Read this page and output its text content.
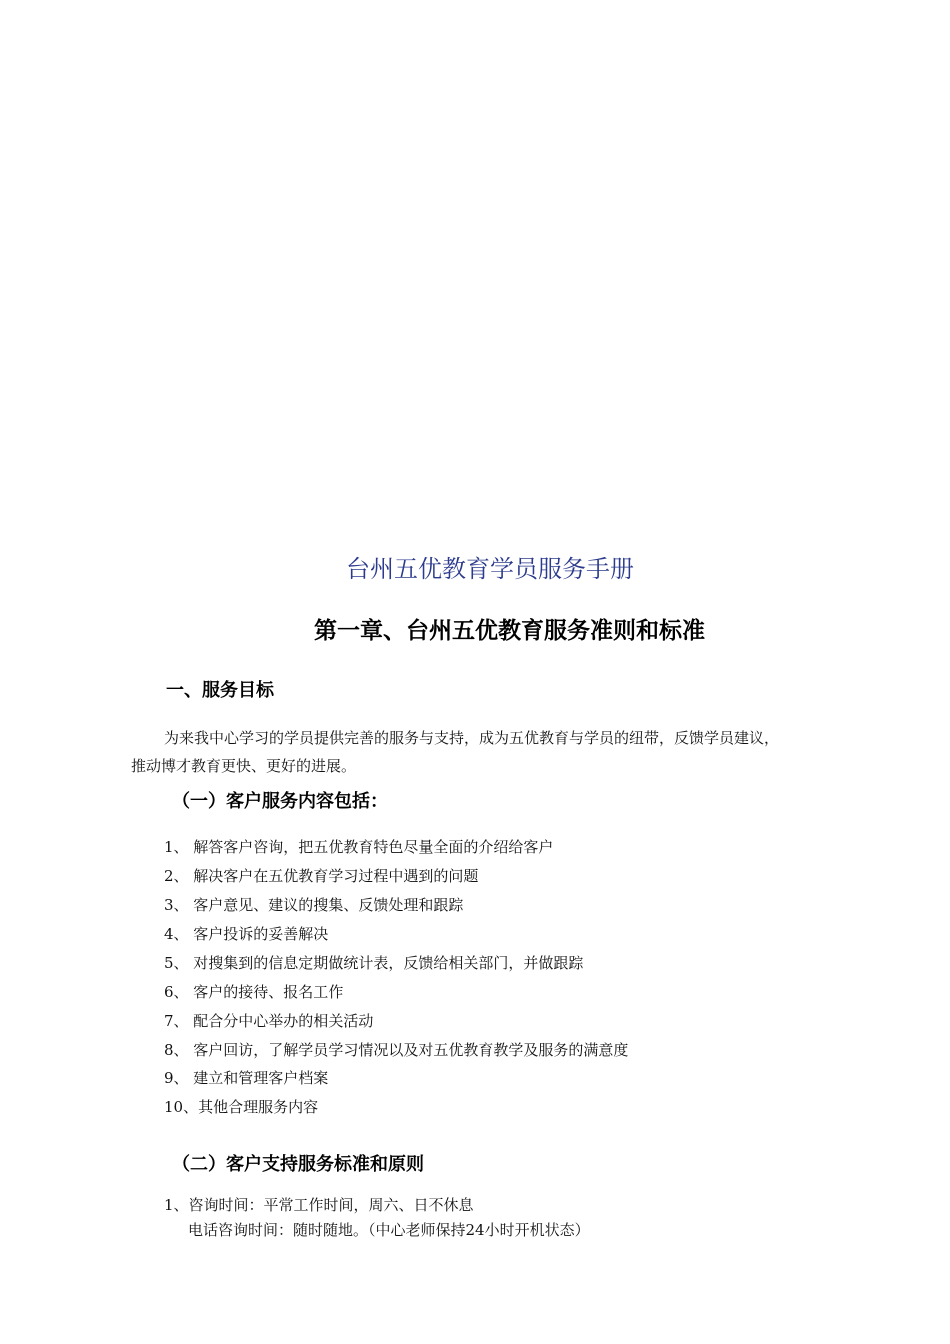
台州五优教育学员服务手册
第一章、台州五优教育服务准则和标准
一、服务目标
为来我中心学习的学员提供完善的服务与支持，成为五优教育与学员的纽带，反馈学员建议，
推动博才教育更快、更好的进展。
（一）客户服务内容包括：
1、 解答客户咨询，把五优教育特色尽量全面的介绍给客户
2、 解决客户在五优教育学习过程中遇到的问题
3、 客户意见、建议的搜集、反馈处理和跟踪
4、 客户投诉的妥善解决
5、 对搜集到的信息定期做统计表，反馈给相关部门，并做跟踪
6、 客户的接待、报名工作
7、 配合分中心举办的相关活动
8、 客户回访，了解学员学习情况以及对五优教育教学及服务的满意度
9、 建立和管理客户档案
10、其他合理服务内容
（二）客户支持服务标准和原则
1、咨询时间：平常工作时间，周六、日不休息
电话咨询时间：随时随地。（中心老师保持24小时开机状态）
